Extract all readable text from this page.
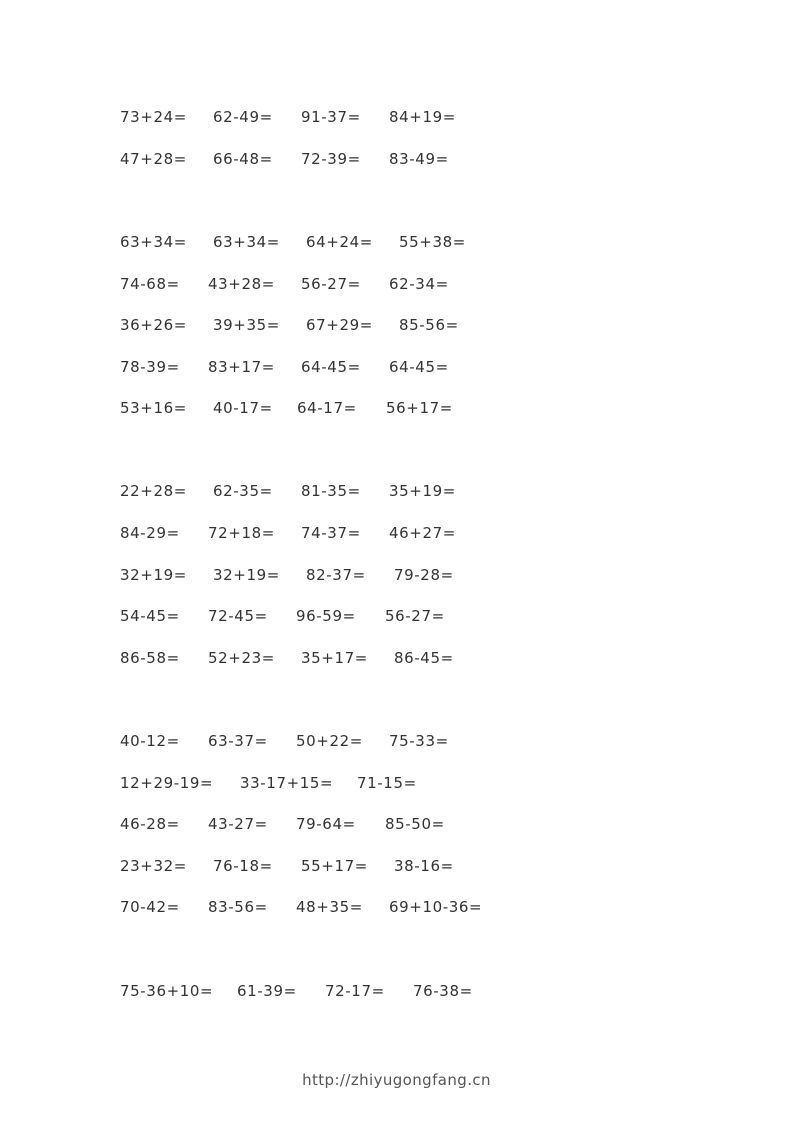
73+24= 62-49= 91-37= 84+19=
47+28= 66-48= 72-39= 83-49=
63+34= 63+34= 64+24= 55+38=
74-68= 43+28= 56-27= 62-34=
36+26= 39+35= 67+29= 85-56=
78-39= 83+17= 64-45= 64-45=
53+16= 40-17= 64-17= 56+17=
22+28= 62-35= 81-35= 35+19=
84-29= 72+18= 74-37= 46+27=
32+19= 32+19= 82-37= 79-28=
54-45= 72-45= 96-59= 56-27=
86-58= 52+23= 35+17= 86-45=
40-12= 63-37= 50+22= 75-33=
12+29-19= 33-17+15= 71-15=
46-28= 43-27= 79-64= 85-50=
23+32= 76-18= 55+17= 38-16=
70-42= 83-56= 48+35= 69+10-36=
75-36+10= 61-39= 72-17= 76-38=
http://zhiyugongfang.cn
